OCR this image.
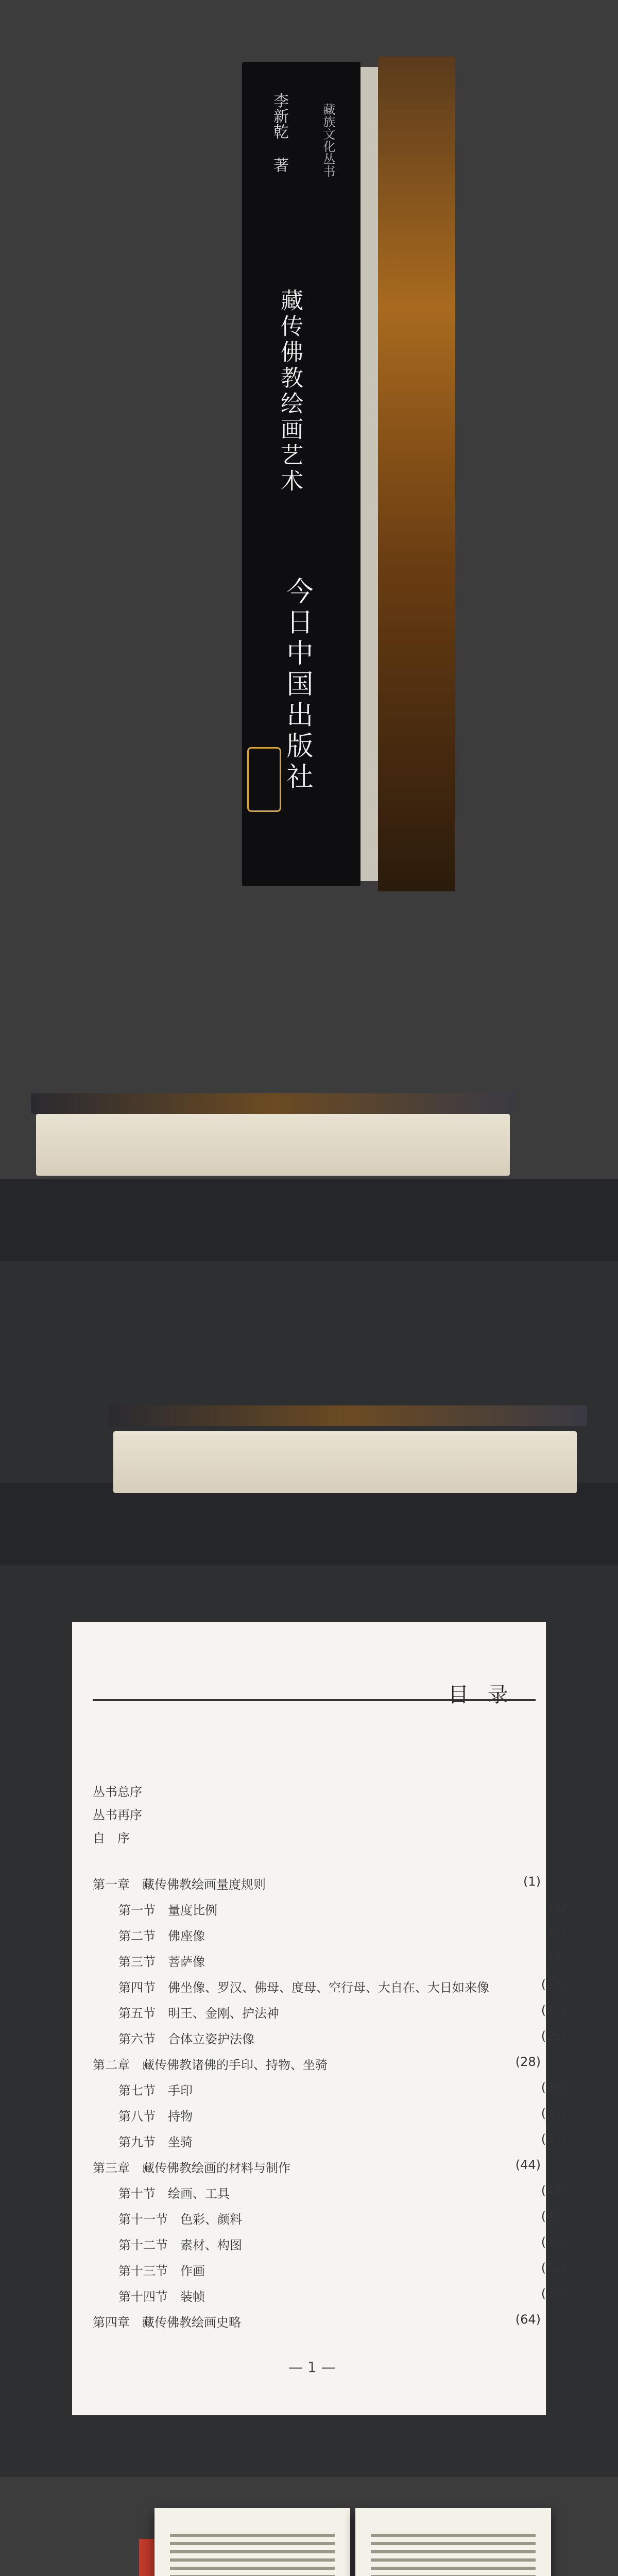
李新乾 著	藏族文化丛书
藏传佛教绘画艺术
今日中国出版社
目 录
丛书总序
丛书再序
自　序
第一章　藏传佛教绘画量度规则	(1)
第一节　量度比例	(1)
第二节　佛座像	(2)
第三节　菩萨像	(3)
第四节　佛坐像、罗汉、佛母、度母、空行母、大自在、大日如来像	(15)
第五节　明王、金刚、护法神	(21)
第六节　合体立姿护法像	(25)
第二章　藏传佛教诸佛的手印、持物、坐骑	(28)
第七节　手印	(29)
第八节　持物	(33)
第九节　坐骑	(37)
第三章　藏传佛教绘画的材料与制作	(44)
第十节　绘画、工具	(44)
第十一节　色彩、颜料	(46)
第十二节　素材、构图	(48)
第十三节　作画	(52)
第十四节　装帧	(55)
第四章　藏传佛教绘画史略	(64)
— 1 —
